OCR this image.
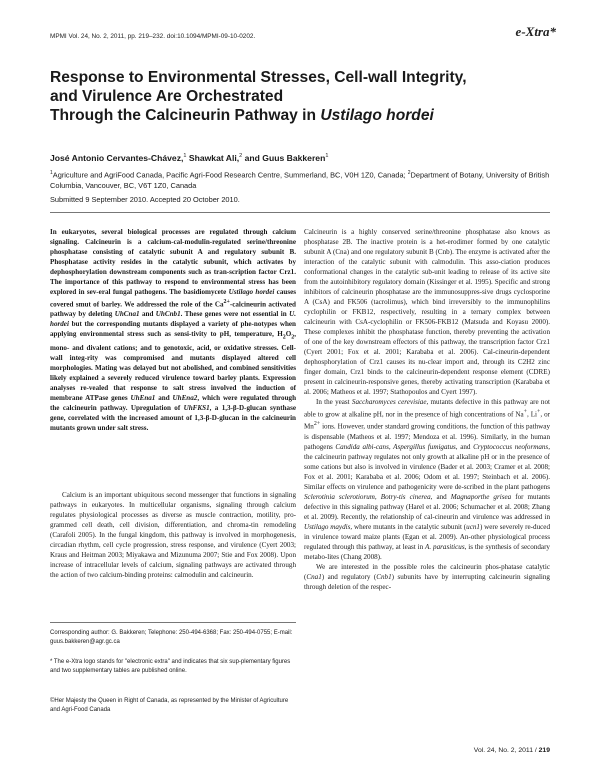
MPMI Vol. 24, No. 2, 2011, pp. 219–232. doi:10.1094/MPMI-09-10-0202.	e-Xtra*
Response to Environmental Stresses, Cell-wall Integrity,
and Virulence Are Orchestrated
Through the Calcineurin Pathway in Ustilago hordei
José Antonio Cervantes-Chávez,$^1$ Shawkat Ali,$^2$ and Guus Bakkeren$^1$
$^1$Agriculture and AgriFood Canada, Pacific Agri-Food Research Centre, Summerland, BC, V0H 1Z0, Canada; $^2$Department of Botany, University of British Columbia, Vancouver, BC, V6T 1Z0, Canada
Submitted 9 September 2010. Accepted 20 October 2010.

In eukaryotes, several biological processes are regulated through calcium signaling. Calcineurin is a calcium-cal-modulin-regulated serine/threonine phosphatase consisting of catalytic subunit A and regulatory subunit B. Phosphatase activity resides in the catalytic subunit, which activates by dephosphorylation downstream components such as tran-scription factor Crz1. The importance of this pathway to respond to environmental stress has been explored in sev-eral fungal pathogens. The basidiomycete Ustilago hordei causes covered smut of barley. We addressed the role of the $Ca^{2+}$-calcineurin activated pathway by deleting UhCna1 and UhCnb1. These genes were not essential in U. hordei but the corresponding mutants displayed a variety of phe-notypes when applying environmental stress such as sensi-tivity to pH, temperature, $H_2O_2$, mono- and divalent cations; and to genotoxic, acid, or oxidative stresses. Cell-wall integ-rity was compromised and mutants displayed altered cell morphologies. Mating was delayed but not abolished, and combined sensitivities likely explained a severely reduced virulence toward barley plants. Expression analyses re-vealed that response to salt stress involved the induction of membrane ATPase genes UhEna1 and UhEna2, which were regulated through the calcineurin pathway. Upregulation of UhFKS1, a 1,3-β-D-glucan synthase gene, correlated with the increased amount of 1,3-β-D-glucan in the calcineurin mutants grown under salt stress.

Calcium is an important ubiquitous second messenger that functions in signaling pathways in eukaryotes. In multicellular organisms, signaling through calcium regulates physiological processes as diverse as muscle contraction, motility, pro-grammed cell death, cell division, differentiation, and chroma-tin remodeling (Carafoli 2005). In the fungal kingdom, this pathway is involved in morphogenesis, circadian rhythm, cell cycle progression, stress response, and virulence (Cyert 2003; Kraus and Heitman 2003; Miyakawa and Mizunuma 2007; Stie and Fox 2008). Upon increase of intracellular levels of calcium, signaling pathways are activated through the action of two calcium-binding proteins: calmodulin and calcineurin.

Corresponding author: G. Bakkeren; Telephone: 250-494-6368; Fax: 250-494-0755; E-mail: guus.bakkeren@agr.gc.ca
* The e-Xtra logo stands for "electronic extra" and indicates that six sup-plementary figures and two supplementary tables are published online.
©Her Majesty the Queen in Right of Canada, as represented by the Minister of Agriculture and Agri-Food Canada

Calcineurin is a highly conserved serine/threonine phosphatase also knows as phosphatase 2B. The inactive protein is a het-erodimer formed by one catalytic subunit A (Cna) and one regulatory subunit B (Cnb). The enzyme is activated after the interaction of the catalytic subunit with calmodulin. This asso-ciation produces conformational changes in the catalytic sub-unit leading to release of its active site from the autoinhibitory regulatory domain (Kissinger et al. 1995). Specific and strong inhibitors of calcineurin phosphatase are the immunosuppres-sive drugs cyclosporine A (CsA) and FK506 (tacrolimus), which bind irreversibly to the immunophilins cyclophilin or FKB12, respectively, resulting in a ternary complex between calcineurin with CsA-cyclophilin or FK506-FKB12 (Matsuda and Koyasu 2000). These complexes inhibit the phosphatase function, thereby preventing the activation of one of the key downstream effectors of this pathway, the transcription factor Crz1 (Cyert 2001; Fox et al. 2001; Karababa et al. 2006). Cal-cineurin-dependent dephosphorylation of Crz1 causes its nu-clear import and, through its C2H2 zinc finger domain, Crz1 binds to the calcineurin-dependent response element (CDRE) present in calcineurin-responsive genes, thereby activating transcription (Karababa et al. 2006; Matheos et al. 1997; Stathopoulos and Cyert 1997).

In the yeast Saccharomyces cerevisiae, mutants defective in this pathway are not able to grow at alkaline pH, nor in the presence of high concentrations of Na+, Li+, or $Mn^{2+}$ ions. However, under standard growing conditions, the function of this pathway is dispensable (Matheos et al. 1997; Mendoza et al. 1996). Similarly, in the human pathogens Candida albi-cans, Aspergillus fumigatus, and Cryptococcus neoformans, the calcineurin pathway regulates not only growth at alkaline pH or in the presence of some cations but also is involved in virulence (Bader et al. 2003; Cramer et al. 2008; Fox et al. 2001; Karababa et al. 2006; Odom et al. 1997; Steinbach et al. 2006). Similar effects on virulence and pathogenicity were de-scribed in the plant pathogens Sclerotinia sclerotiorum, Botry-tis cinerea, and Magnaporthe grisea for mutants defective in this signaling pathway (Harel et al. 2006; Schumacher et al. 2008; Zhang et al. 2009). Recently, the relationship of cal-cineurin and virulence was addressed in Ustilago maydis, where mutants in the catalytic subunit (ucn1) were severely re-duced in virulence toward maize plants (Egan et al. 2009). An-other physiological process regulated through this pathway, at least in A. parasiticus, is the synthesis of secondary metabo-lites (Chang 2008).

We are interested in the possible roles the calcineurin phos-phatase catalytic (Cna1) and regulatory (Cnb1) subunits have by interrupting calcineurin signaling through deletion of the respec-

Vol. 24, No. 2, 2011 / 219
